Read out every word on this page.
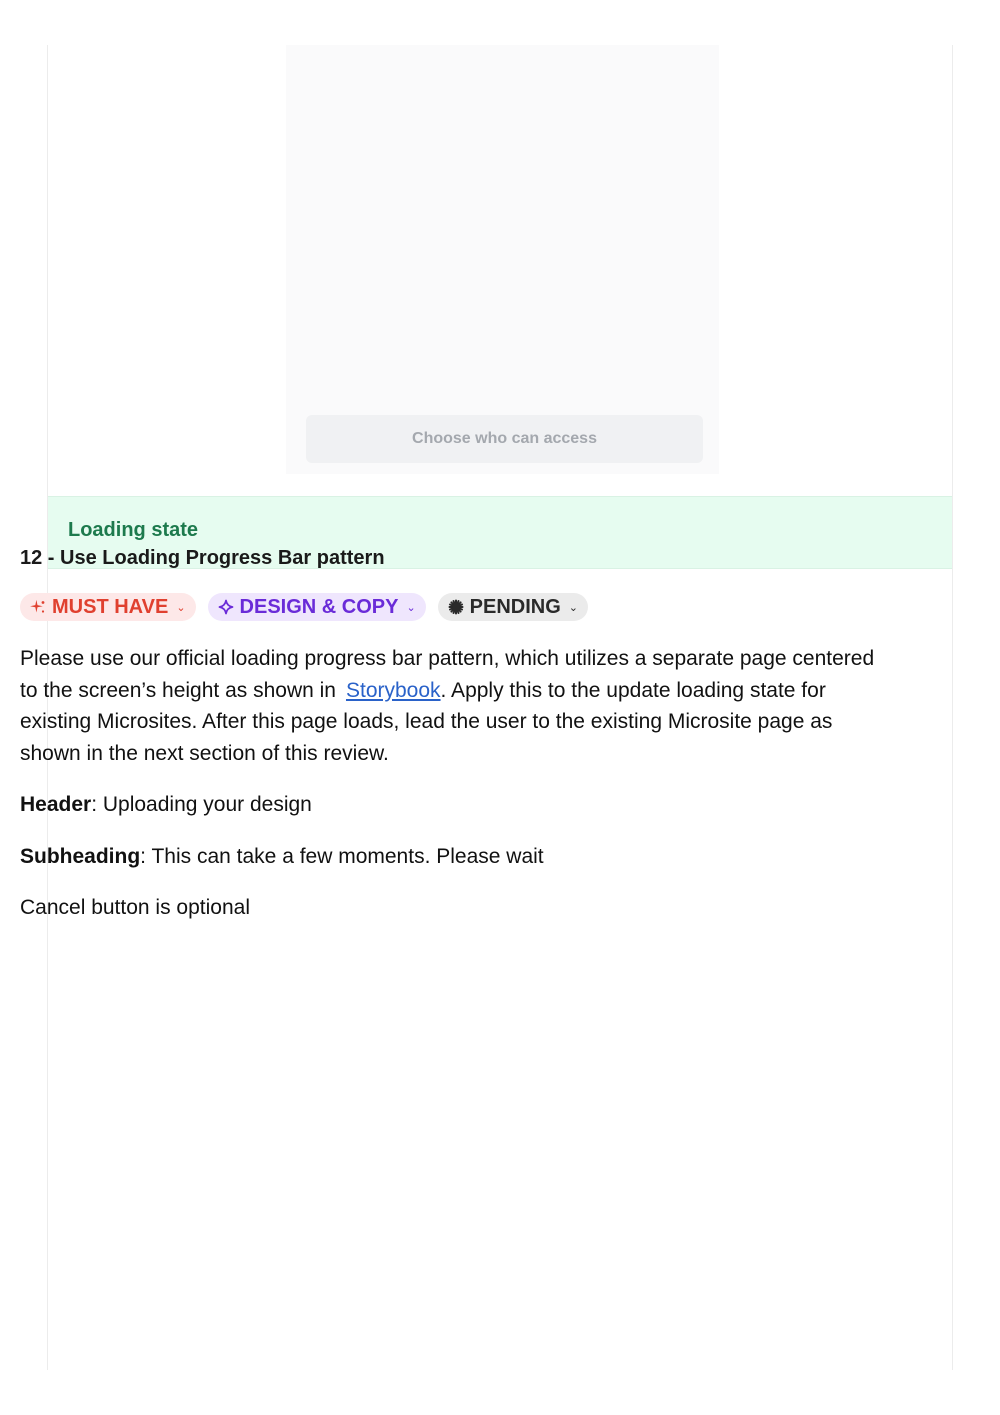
Choose who can access
Loading state
12 - Use Loading Progress Bar pattern
MUST HAVE ⌄	DESIGN & COPY ⌄	PENDING ⌄

Please use our official loading progress bar pattern, which utilizes a separate page centered to the screen’s height as shown in Storybook. Apply this to the update loading state for existing Microsites. After this page loads, lead the user to the existing Microsite page as shown in the next section of this review.

Header: Uploading your design

Subheading: This can take a few moments. Please wait

Cancel button is optional
